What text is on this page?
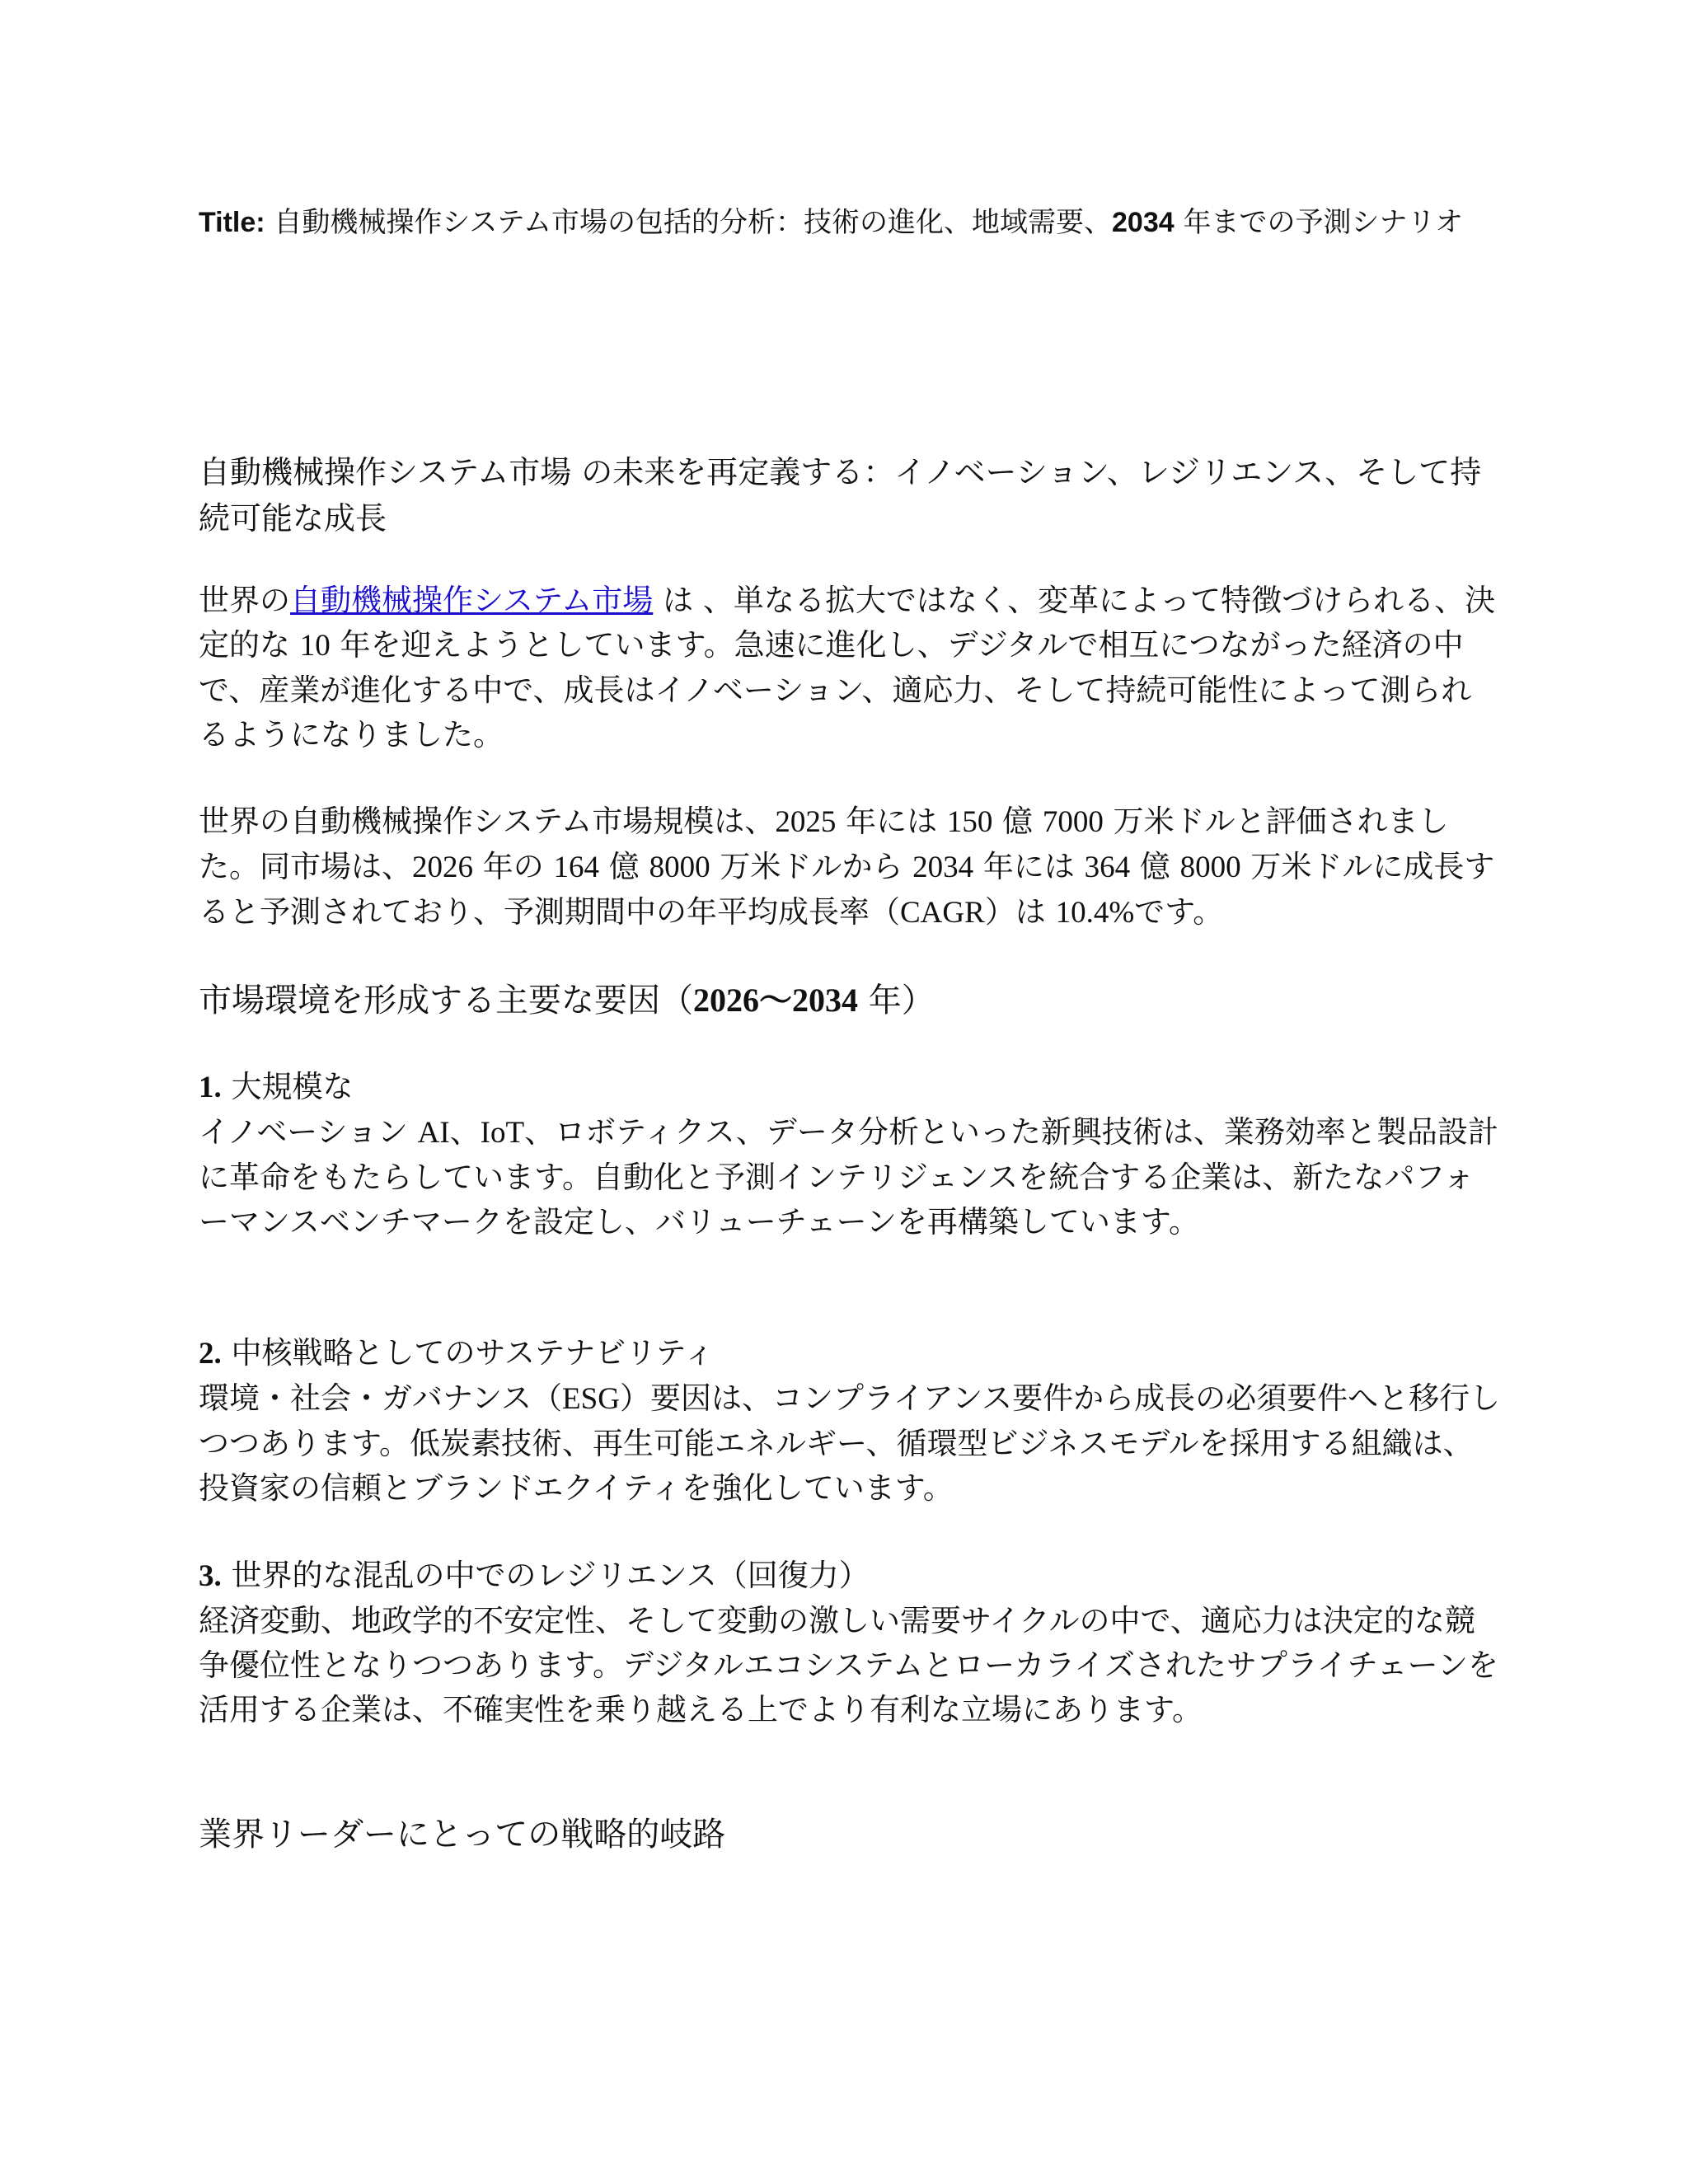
Title: 自動機械操作システム市場の包括的分析：技術の進化、地域需要、2034 年までの予測シナリオ
自動機械操作システム市場 の未来を再定義する：イノベーション、レジリエンス、そして持続可能な成長
世界の自動機械操作システム市場 は 、単なる拡大ではなく、変革によって特徴づけられる、決定的な 10 年を迎えようとしています。急速に進化し、デジタルで相互につながった経済の中で、産業が進化する中で、成長はイノベーション、適応力、そして持続可能性によって測られるようになりました。
世界の自動機械操作システム市場規模は、2025 年には 150 億 7000 万米ドルと評価されました。同市場は、2026 年の 164 億 8000 万米ドルから 2034 年には 364 億 8000 万米ドルに成長すると予測されており、予測期間中の年平均成長率（CAGR）は 10.4%です。
市場環境を形成する主要な要因（2026～2034 年）
1. 大規模な
イノベーション AI、IoT、ロボティクス、データ分析といった新興技術は、業務効率と製品設計に革命をもたらしています。自動化と予測インテリジェンスを統合する企業は、新たなパフォーマンスベンチマークを設定し、バリューチェーンを再構築しています。
2. 中核戦略としてのサステナビリティ
環境・社会・ガバナンス（ESG）要因は、コンプライアンス要件から成長の必須要件へと移行しつつあります。低炭素技術、再生可能エネルギー、循環型ビジネスモデルを採用する組織は、投資家の信頼とブランドエクイティを強化しています。
3. 世界的な混乱の中でのレジリエンス（回復力）
経済変動、地政学的不安定性、そして変動の激しい需要サイクルの中で、適応力は決定的な競争優位性となりつつあります。デジタルエコシステムとローカライズされたサプライチェーンを活用する企業は、不確実性を乗り越える上でより有利な立場にあります。
業界リーダーにとっての戦略的岐路
